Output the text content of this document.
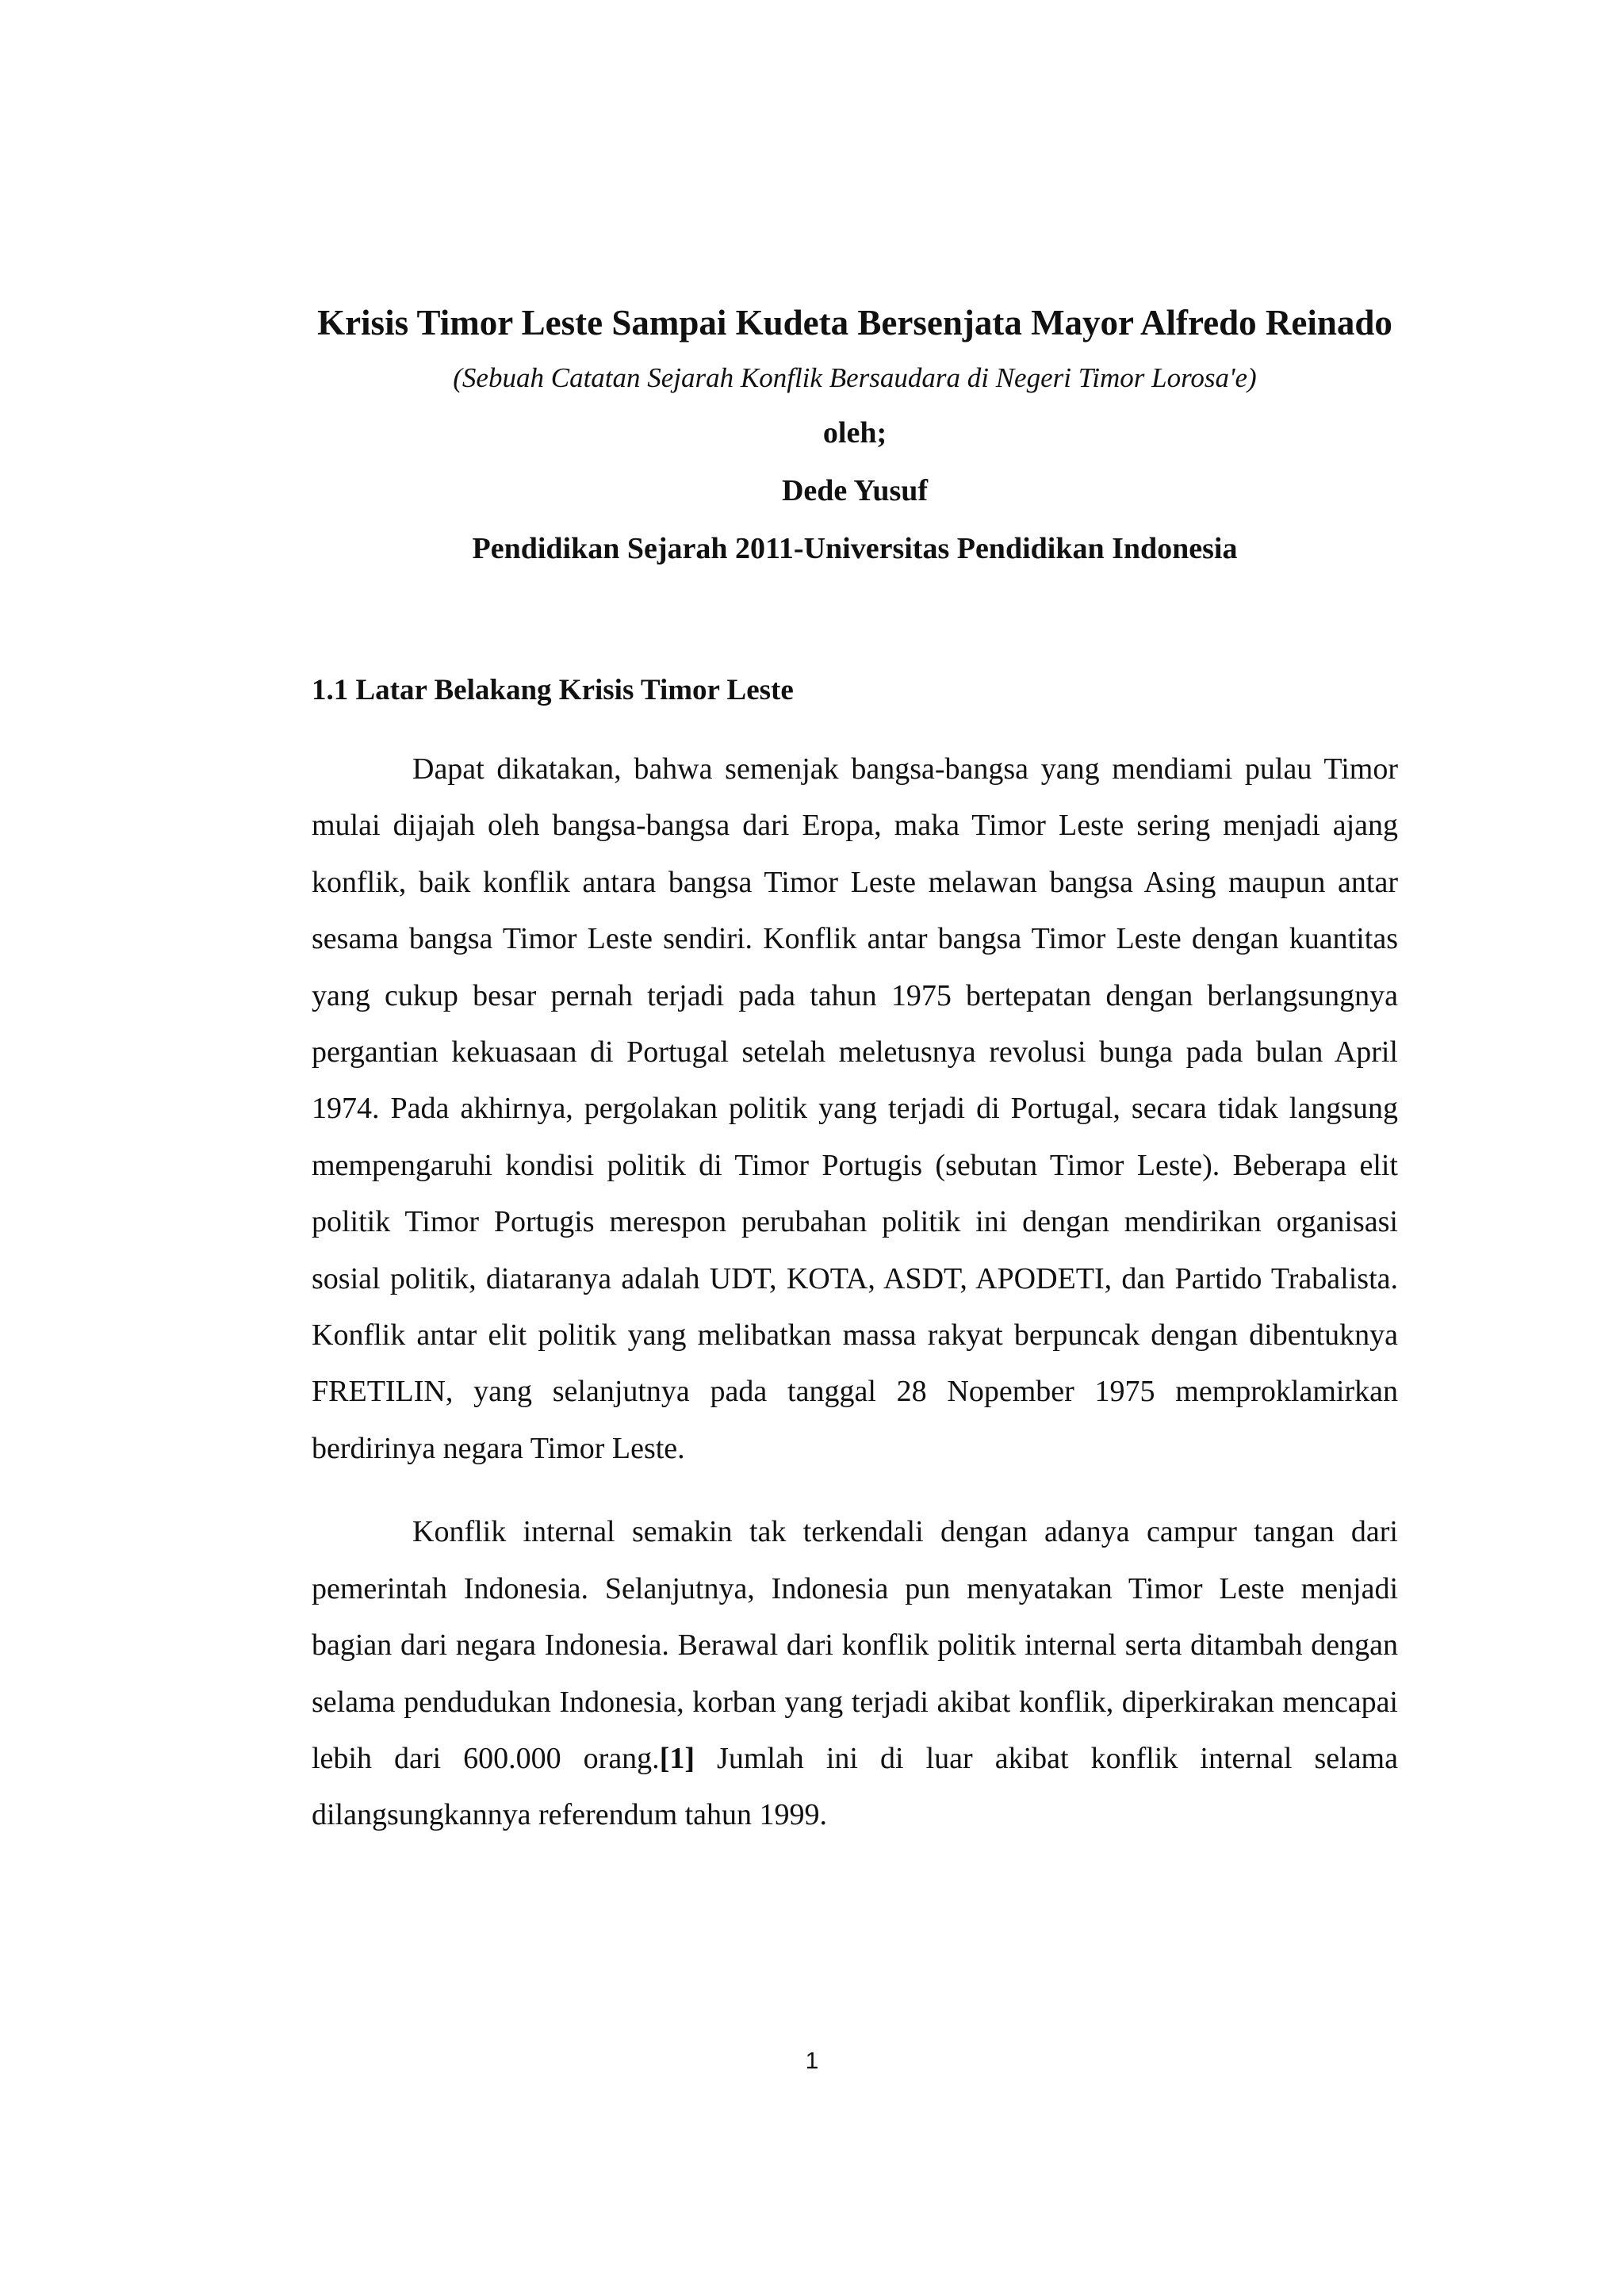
Krisis Timor Leste Sampai Kudeta Bersenjata Mayor Alfredo Reinado

(Sebuah Catatan Sejarah Konflik Bersaudara di Negeri Timor Lorosa'e)

oleh;

Dede Yusuf

Pendidikan Sejarah 2011-Universitas Pendidikan Indonesia

1.1 Latar Belakang Krisis Timor Leste

Dapat dikatakan, bahwa semenjak bangsa-bangsa yang mendiami pulau Timor mulai dijajah oleh bangsa-bangsa dari Eropa, maka Timor Leste sering menjadi ajang konflik, baik konflik antara bangsa Timor Leste melawan bangsa Asing maupun antar sesama bangsa Timor Leste sendiri. Konflik antar bangsa Timor Leste dengan kuantitas yang cukup besar pernah terjadi pada tahun 1975 bertepatan dengan berlangsungnya pergantian kekuasaan di Portugal setelah meletusnya revolusi bunga pada bulan April 1974. Pada akhirnya, pergolakan politik yang terjadi di Portugal, secara tidak langsung mempengaruhi kondisi politik di Timor Portugis (sebutan Timor Leste). Beberapa elit politik Timor Portugis merespon perubahan politik ini dengan mendirikan organisasi sosial politik, diataranya adalah UDT, KOTA, ASDT, APODETI, dan Partido Trabalista. Konflik antar elit politik yang melibatkan massa rakyat berpuncak dengan dibentuknya FRETILIN, yang selanjutnya pada tanggal 28 Nopember 1975 memproklamirkan berdirinya negara Timor Leste.

Konflik internal semakin tak terkendali dengan adanya campur tangan dari pemerintah Indonesia. Selanjutnya, Indonesia pun menyatakan Timor Leste menjadi bagian dari negara Indonesia. Berawal dari konflik politik internal serta ditambah dengan selama pendudukan Indonesia, korban yang terjadi akibat konflik, diperkirakan mencapai lebih dari 600.000 orang.[1] Jumlah ini di luar akibat konflik internal selama dilangsungkannya referendum tahun 1999.

1
